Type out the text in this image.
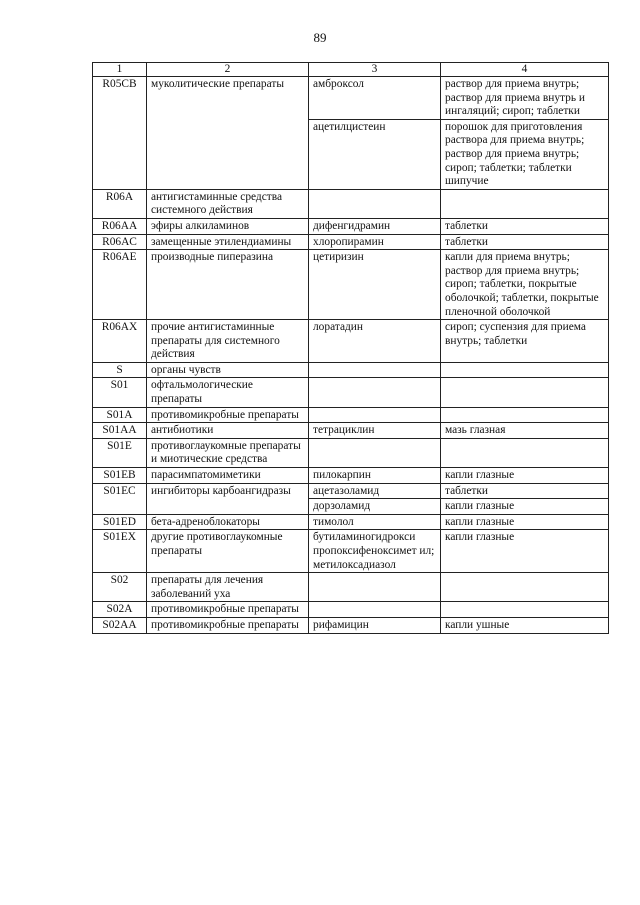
89
1	2	3	4
R05CB	муколитические препараты	амброксол	раствор для приема внутрь; раствор для приема внутрь и ингаляций; сироп; таблетки
		ацетилцистеин	порошок для приготовления раствора для приема внутрь; раствор для приема внутрь; сироп; таблетки; таблетки шипучие
R06A	антигистаминные средства системного действия		
R06AA	эфиры алкиламинов	дифенгидрамин	таблетки
R06AC	замещенные этилендиамины	хлоропирамин	таблетки
R06AE	производные пиперазина	цетиризин	капли для приема внутрь; раствор для приема внутрь; сироп; таблетки, покрытые оболочкой; таблетки, покрытые пленочной оболочкой
R06AX	прочие антигистаминные препараты для системного действия	лоратадин	сироп; суспензия для приема внутрь; таблетки
S	органы чувств		
S01	офтальмологические препараты		
S01A	противомикробные препараты		
S01AA	антибиотики	тетрациклин	мазь глазная
S01E	противоглаукомные препараты и миотические средства		
S01EB	парасимпатомиметики	пилокарпин	капли глазные
S01EC	ингибиторы карбоангидразы	ацетазоламид	таблетки
		дорзоламид	капли глазные
S01ED	бета-адреноблокаторы	тимолол	капли глазные
S01EX	другие противоглаукомные препараты	бутиламиногидрокси пропоксифеноксимет ил; метилоксадиазол	капли глазные
S02	препараты для лечения заболеваний уха		
S02A	противомикробные препараты		
S02AA	противомикробные препараты	рифамицин	капли ушные
